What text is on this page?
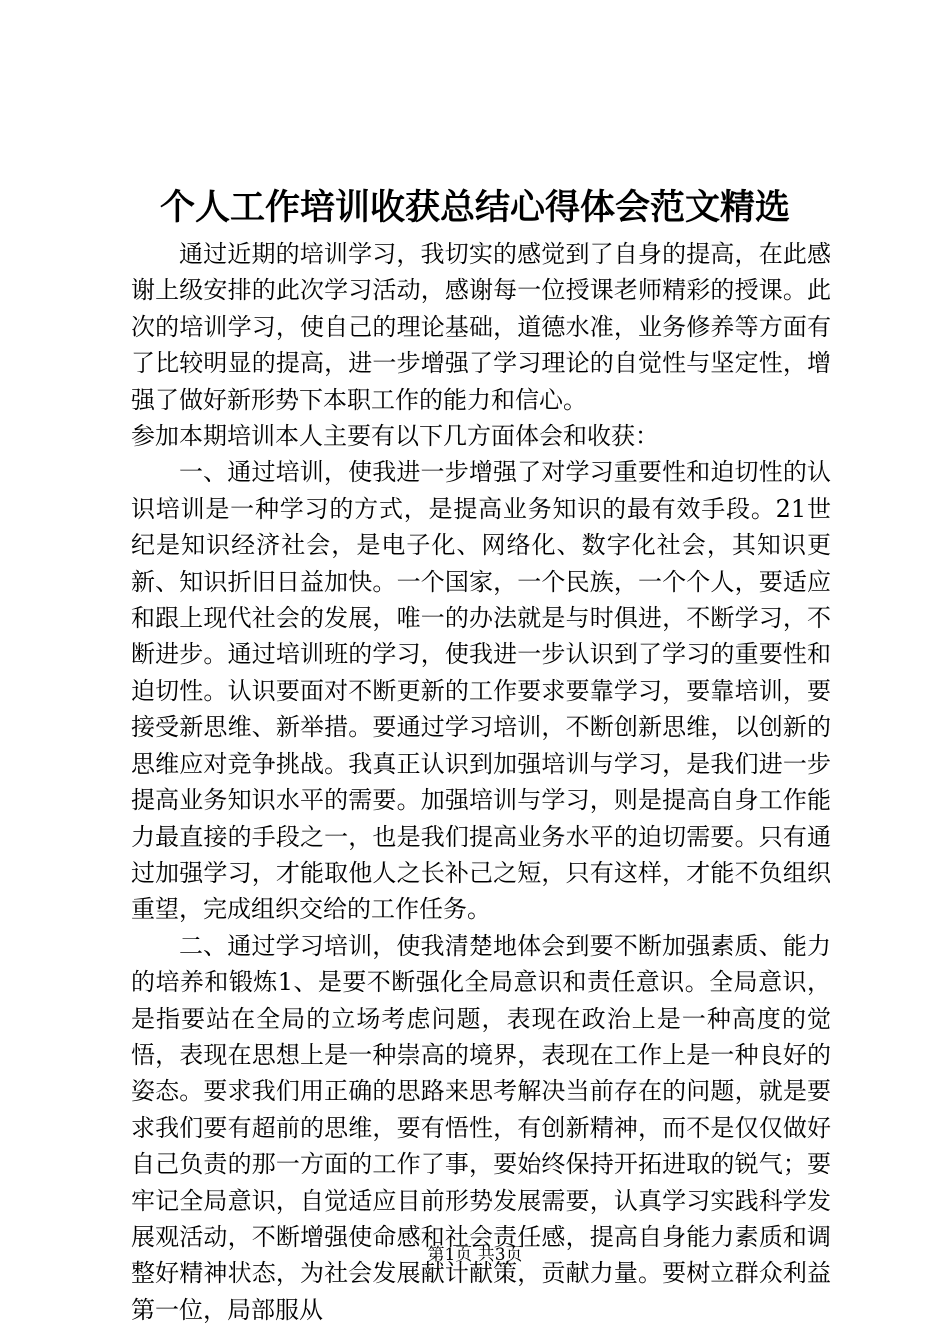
个人工作培训收获总结心得体会范文精选

通过近期的培训学习，我切实的感觉到了自身的提高，在此感谢上级安排的此次学习活动，感谢每一位授课老师精彩的授课。此次的培训学习，使自己的理论基础，道德水准，业务修养等方面有了比较明显的提高，进一步增强了学习理论的自觉性与坚定性，增强了做好新形势下本职工作的能力和信心。

参加本期培训本人主要有以下几方面体会和收获：

一、通过培训，使我进一步增强了对学习重要性和迫切性的认识培训是一种学习的方式，是提高业务知识的最有效手段。21世纪是知识经济社会，是电子化、网络化、数字化社会，其知识更新、知识折旧日益加快。一个国家，一个民族，一个个人，要适应和跟上现代社会的发展，唯一的办法就是与时俱进，不断学习，不断进步。通过培训班的学习，使我进一步认识到了学习的重要性和迫切性。认识要面对不断更新的工作要求要靠学习，要靠培训，要接受新思维、新举措。要通过学习培训，不断创新思维，以创新的思维应对竞争挑战。我真正认识到加强培训与学习，是我们进一步提高业务知识水平的需要。加强培训与学习，则是提高自身工作能力最直接的手段之一，也是我们提高业务水平的迫切需要。只有通过加强学习，才能取他人之长补己之短，只有这样，才能不负组织重望，完成组织交给的工作任务。

二、通过学习培训，使我清楚地体会到要不断加强素质、能力的培养和锻炼1、是要不断强化全局意识和责任意识。全局意识，是指要站在全局的立场考虑问题，表现在政治上是一种高度的觉悟，表现在思想上是一种崇高的境界，表现在工作上是一种良好的姿态。要求我们用正确的思路来思考解决当前存在的问题，就是要求我们要有超前的思维，要有悟性，有创新精神，而不是仅仅做好自己负责的那一方面的工作了事，要始终保持开拓进取的锐气；要牢记全局意识，自觉适应目前形势发展需要，认真学习实践科学发展观活动，不断增强使命感和社会责任感，提高自身能力素质和调整好精神状态，为社会发展献计献策，贡献力量。要树立群众利益第一位，局部服从

第1页 共3页
